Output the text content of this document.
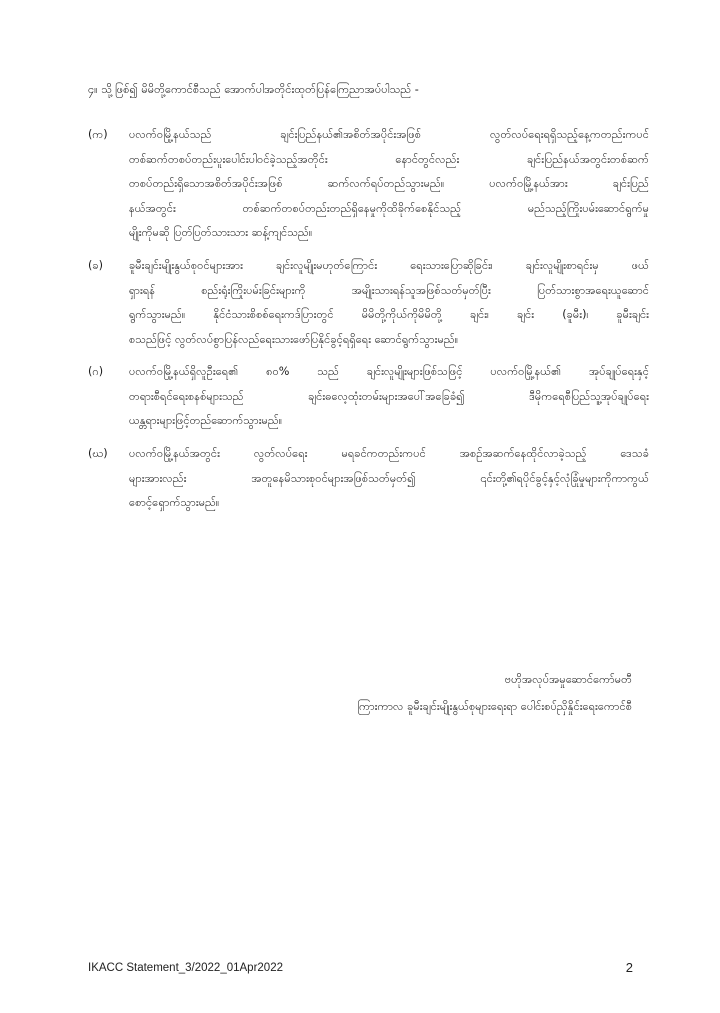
၄။ သို့ဖြစ်၍ မိမိတို့ကောင်စီသည် အောက်ပါအတိုင်းထုတ်ပြန်ကြေညာအပ်ပါသည် -
(က)	ပလက်ဝမြို့နယ်သည် ချင်းပြည်နယ်၏အစိတ်အပိုင်းအဖြစ် လွတ်လပ်ရေးရရှိသည့်နေ့ကတည်းကပင်
တစ်ဆက်တစပ်တည်းပူးပေါင်းပါဝင်ခဲ့သည့်အတိုင်း နောင်တွင်လည်း ချင်းပြည်နယ်အတွင်းတစ်ဆက်
တစပ်တည်းရှိသောအစိတ်အပိုင်းအဖြစ် ဆက်လက်ရပ်တည်သွားမည်။ ပလက်ဝမြို့နယ်အား ချင်းပြည်
နယ်အတွင်း တစ်ဆက်တစပ်တည်းတည်ရှိနေမှုကိုထိခိုက်စေနိုင်သည့် မည်သည့်ကြိုးပမ်းဆောင်ရွက်မှု
မျိုးကိုမဆို ပြတ်ပြတ်သားသား ဆန့်ကျင်သည်။
(ခ)	ခူမီးချင်းမျိုးနွယ်စုဝင်များအား ချင်းလူမျိုးမဟုတ်ကြောင်း ရေးသားပြောဆိုခြင်း၊ ချင်းလူမျိုးစာရင်းမှ ဖယ်
ရှားရန် စည်းရုံးကြိုးပမ်းခြင်းများကို အမျိုးသားရန်သူအဖြစ်သတ်မှတ်ပြီး ပြတ်သားစွာအရေးယူဆောင်
ရွက်သွားမည်။ နိုင်ငံသားစိစစ်ရေးကဒ်ပြားတွင် မိမိတို့ကိုယ်ကိုမိမိတို့ ချင်း၊ ချင်း (ခူမီး)၊ ခူမီးချင်း
စသည်ဖြင့် လွတ်လပ်စွာပြန်လည်ရေးသားဖော်ပြနိုင်ခွင့်ရရှိရေး ဆောင်ရွက်သွားမည်။
(ဂ)	ပလက်ဝမြို့နယ်ရှိလူဦးရေ၏ ၈၀% သည် ချင်းလူမျိုးများဖြစ်သဖြင့် ပလက်ဝမြို့နယ်၏ အုပ်ချုပ်ရေးနှင့်
တရားစီရင်ရေးစနစ်များသည် ချင်းဓလေ့ထုံးတမ်းများအပေါ်အခြေခံ၍ ဒီမိုကရေစီပြည်သူ့အုပ်ချုပ်ရေး
ယန္တရားများဖြင့်တည်ဆောက်သွားမည်။
(ဃ)	ပလက်ဝမြို့နယ်အတွင်း လွတ်လပ်ရေး မရခင်ကတည်းကပင် အစဉ်အဆက်နေထိုင်လာခဲ့သည့် ဒေသခံ
များအားလည်း အတူနေမိသားစုဝင်များအဖြစ်သတ်မှတ်၍ ၎င်းတို့၏ရပိုင်ခွင့်နှင့်လုံခြုံမှုများကိုကာကွယ်
စောင့်ရှောက်သွားမည်။
ဗဟိုအလုပ်အမှုဆောင်ကော်မတီ
ကြားကာလ ခူမီးချင်းမျိုးနွယ်စုများရေးရာ ပေါင်းစပ်ညှိနှိုင်းရေးကောင်စီ
IKACC Statement_3/2022_01Apr2022	2
